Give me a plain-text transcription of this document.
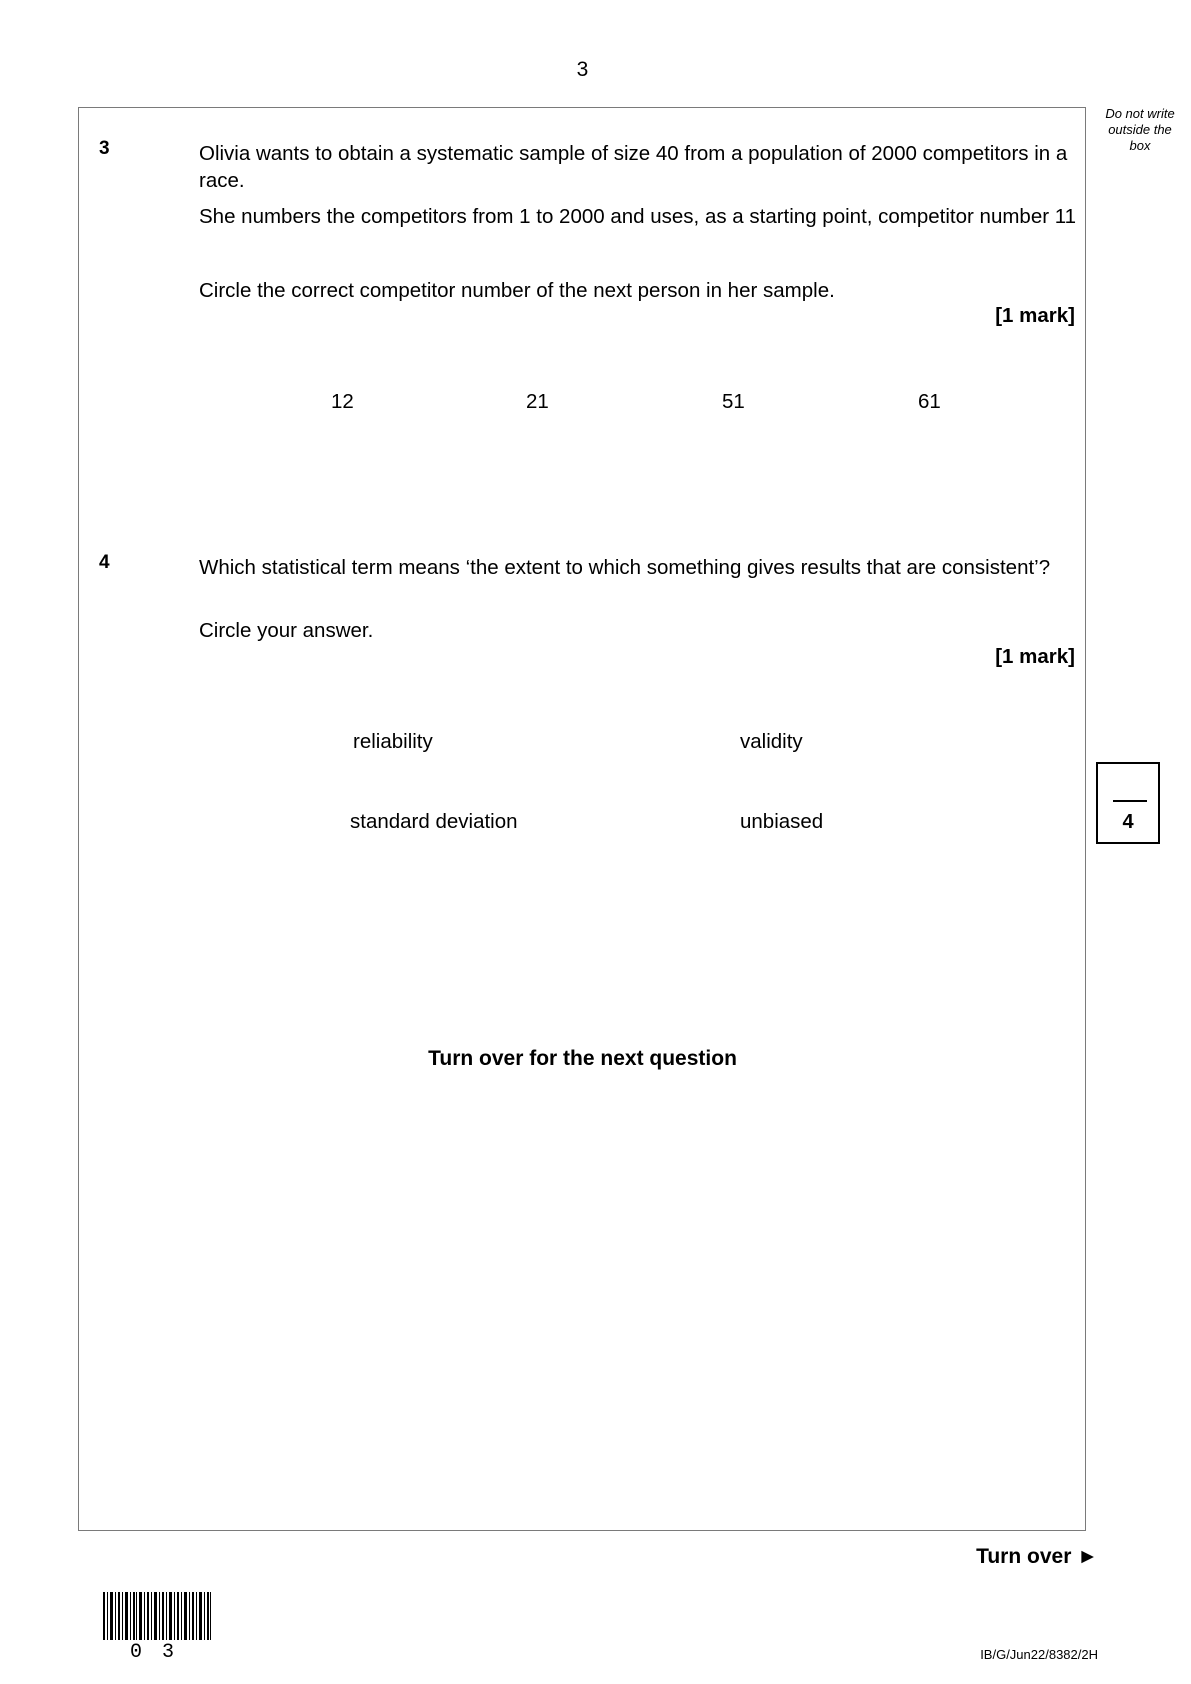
3
Do not write
outside the
box
3	Olivia wants to obtain a systematic sample of size 40 from a population of 2000 competitors in a race.
She numbers the competitors from 1 to 2000 and uses, as a starting point, competitor number 11
Circle the correct competitor number of the next person in her sample.
[1 mark]
12	21	51	61
4	Which statistical term means ‘the extent to which something gives results that are consistent’?
Circle your answer.
[1 mark]
reliability	validity
standard deviation	unbiased	4
Turn over for the next question
Turn over ►
0 3	IB/G/Jun22/8382/2H
